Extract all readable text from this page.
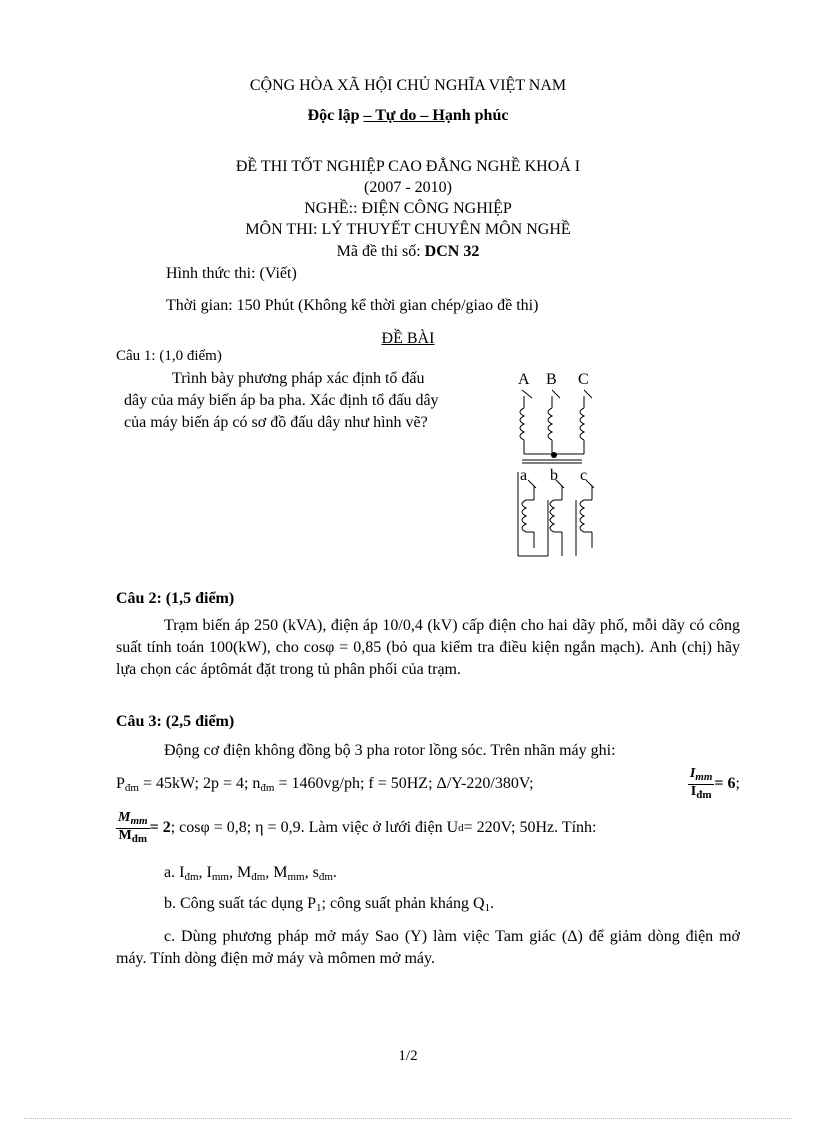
CỘNG HÒA XÃ HỘI CHỦ NGHĨA VIỆT NAM
Độc lập – Tự do – Hạnh phúc
ĐỀ THI TỐT NGHIỆP CAO ĐẲNG NGHỀ KHOÁ I
(2007 - 2010)
NGHỀ:: ĐIỆN CÔNG NGHIỆP
MÔN THI: LÝ THUYẾT CHUYÊN MÔN NGHỀ
Mã đề thi số: DCN 32
Hình thức thi: (Viết)
Thời gian: 150 Phút (Không kể thời gian chép/giao đề thi)
ĐỀ BÀI
Câu 1: (1,0 điểm)
Trình bày phương pháp xác định tổ đấu
dây của máy biến áp ba pha. Xác định tổ đấu dây
của máy biến áp có sơ đồ đấu dây như hình vẽ?
A B C
a b c
Câu 2: (1,5 điểm)
Trạm biến áp 250 (kVA), điện áp 10/0,4 (kV) cấp điện cho hai dãy phố, mỗi dãy có công suất tính toán 100(kW), cho cosφ = 0,85 (bỏ qua kiểm tra điều kiện ngắn mạch). Anh (chị) hãy lựa chọn các áptômát đặt trong tủ phân phối của trạm.
Câu 3: (2,5 điểm)
Động cơ điện không đồng bộ 3 pha rotor lồng sóc. Trên nhãn máy ghi:
$P_{đm} = 45kW$; 2p = 4; $n_{đm} = 1460vg/ph$; f = 50HZ; Δ/Y-220/380V;	$\frac{I_{mm}}{I_{đm}} = 6$;
$\frac{M_{mm}}{M_{đm}} = 2$ ; cosφ = 0,8; η = 0,9. Làm việc ở lưới điện U d = 220V; 50Hz. Tính:
a. $I_{đm}$, $I_{mm}$, $M_{đm}$, $M_{mm}$, $s_{đm}$.
b. Công suất tác dụng $P_1$; công suất phản kháng $Q_1$.
c. Dùng phương pháp mở máy Sao (Y) làm việc Tam giác (Δ) để giảm dòng điện mở máy. Tính dòng điện mở máy và mômen mở máy.
1/2
